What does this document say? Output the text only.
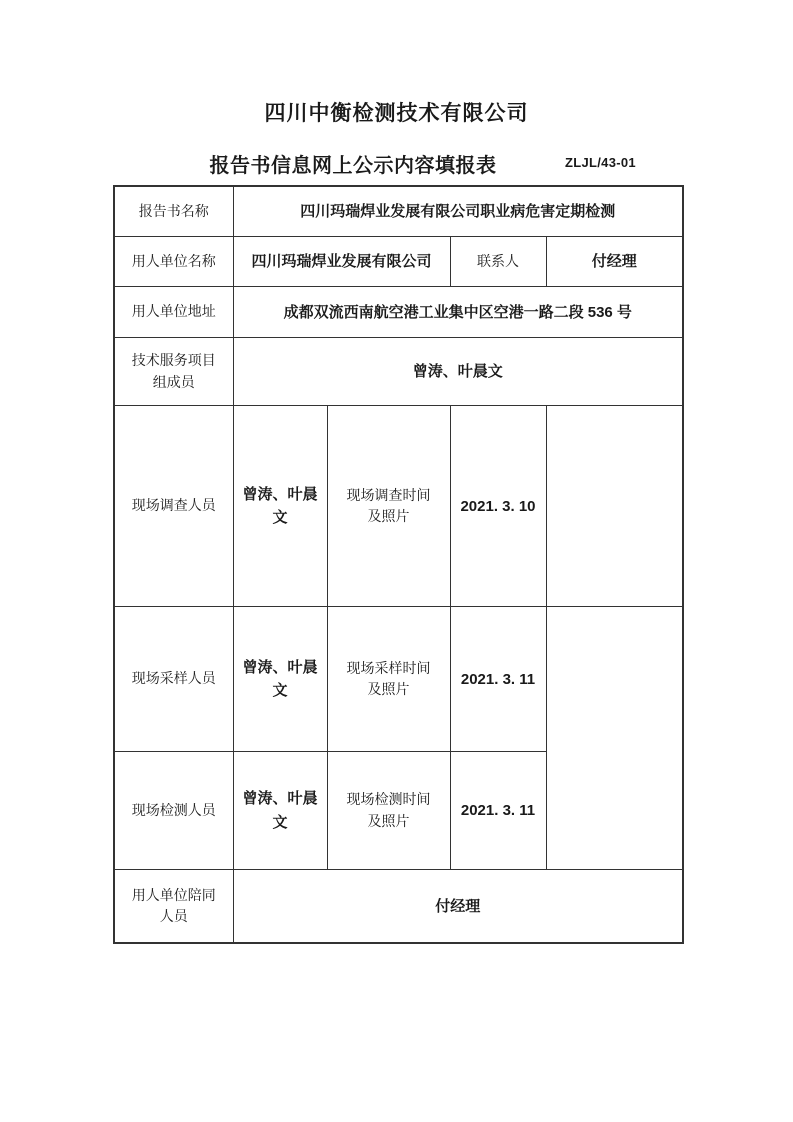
四川中衡检测技术有限公司
报告书信息网上公示内容填报表	ZLJL/43-01
报告书名称	四川玛瑞焊业发展有限公司职业病危害定期检测			
用人单位名称	四川玛瑞焊业发展有限公司		联系人	付经理
用人单位地址	成都双流西南航空港工业集中区空港一路二段 536 号			
技术服务项目组成员	曾涛、叶晨文			
现场调查人员	曾涛、叶晨文	现场调查时间及照片	2021. 3. 10	
现场采样人员	曾涛、叶晨文	现场采样时间及照片	2021. 3. 11	
现场检测人员	曾涛、叶晨文	现场检测时间及照片	2021. 3. 11	
用人单位陪同人员	付经理			
